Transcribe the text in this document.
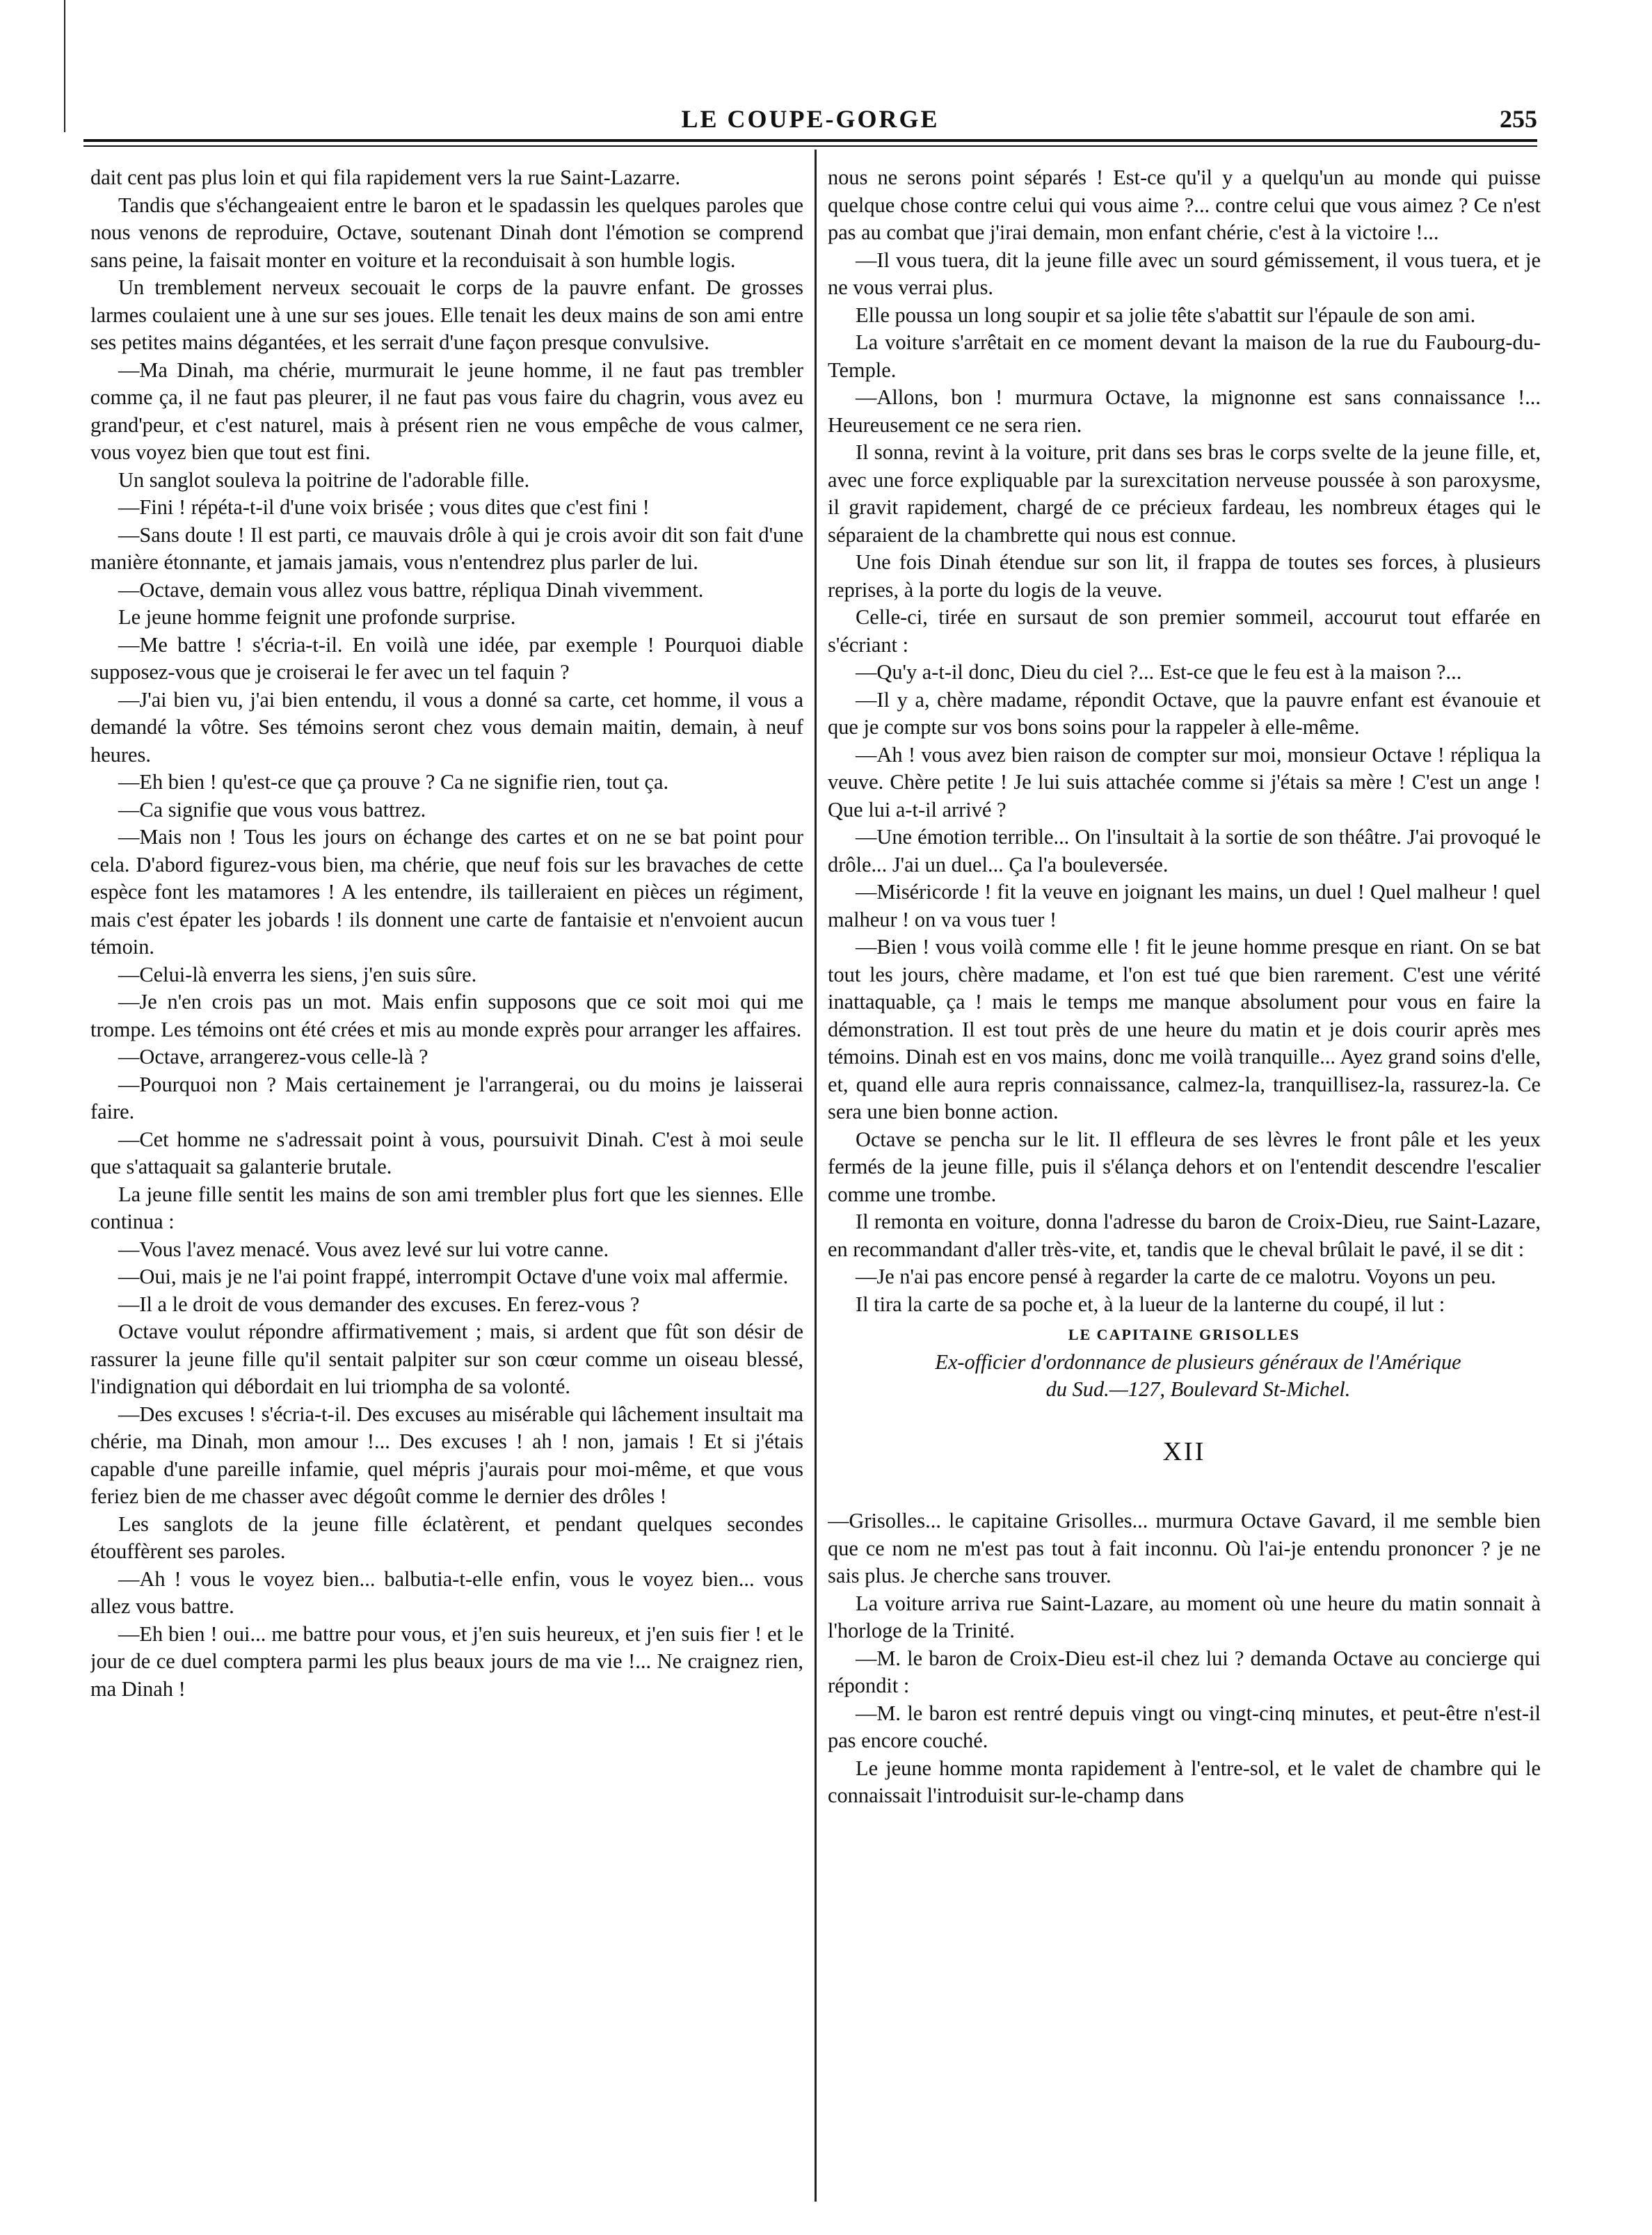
LE COUPE-GORGE	255

dait cent pas plus loin et qui fila rapidement vers la rue Saint-Lazarre.

Tandis que s'échangeaient entre le baron et le spadassin les quelques paroles que nous venons de reproduire, Octave, soutenant Dinah dont l'émotion se comprend sans peine, la faisait monter en voiture et la reconduisait à son humble logis.

Un tremblement nerveux secouait le corps de la pauvre enfant. De grosses larmes coulaient une à une sur ses joues. Elle tenait les deux mains de son ami entre ses petites mains dégantées, et les serrait d'une façon presque convulsive.

—Ma Dinah, ma chérie, murmurait le jeune homme, il ne faut pas trembler comme ça, il ne faut pas pleurer, il ne faut pas vous faire du chagrin, vous avez eu grand'peur, et c'est naturel, mais à présent rien ne vous empêche de vous calmer, vous voyez bien que tout est fini.

Un sanglot souleva la poitrine de l'adorable fille.

—Fini ! répéta-t-il d'une voix brisée ; vous dites que c'est fini !

—Sans doute ! Il est parti, ce mauvais drôle à qui je crois avoir dit son fait d'une manière étonnante, et jamais jamais, vous n'entendrez plus parler de lui.

—Octave, demain vous allez vous battre, répliqua Dinah vivemment.

Le jeune homme feignit une profonde surprise.

—Me battre ! s'écria-t-il. En voilà une idée, par exemple ! Pourquoi diable supposez-vous que je croiserai le fer avec un tel faquin ?

—J'ai bien vu, j'ai bien entendu, il vous a donné sa carte, cet homme, il vous a demandé la vôtre. Ses témoins seront chez vous demain maitin, demain, à neuf heures.

—Eh bien ! qu'est-ce que ça prouve ? Ca ne signifie rien, tout ça.

—Ca signifie que vous vous battrez.

—Mais non ! Tous les jours on échange des cartes et on ne se bat point pour cela. D'abord figurez-vous bien, ma chérie, que neuf fois sur les bravaches de cette espèce font les matamores ! A les entendre, ils tailleraient en pièces un régiment, mais c'est épater les jobards ! ils donnent une carte de fantaisie et n'envoient aucun témoin.

—Celui-là enverra les siens, j'en suis sûre.

—Je n'en crois pas un mot. Mais enfin supposons que ce soit moi qui me trompe. Les témoins ont été crées et mis au monde exprès pour arranger les affaires.

—Octave, arrangerez-vous celle-là ?

—Pourquoi non ? Mais certainement je l'arrangerai, ou du moins je laisserai faire.

—Cet homme ne s'adressait point à vous, poursuivit Dinah. C'est à moi seule que s'attaquait sa galanterie brutale.

La jeune fille sentit les mains de son ami trembler plus fort que les siennes. Elle continua :

—Vous l'avez menacé. Vous avez levé sur lui votre canne.

—Oui, mais je ne l'ai point frappé, interrompit Octave d'une voix mal affermie.

—Il a le droit de vous demander des excuses. En ferez-vous ?

Octave voulut répondre affirmativement ; mais, si ardent que fût son désir de rassurer la jeune fille qu'il sentait palpiter sur son cœur comme un oiseau blessé, l'indignation qui débordait en lui triompha de sa volonté.

—Des excuses ! s'écria-t-il. Des excuses au misérable qui lâchement insultait ma chérie, ma Dinah, mon amour !... Des excuses ! ah ! non, jamais ! Et si j'étais capable d'une pareille infamie, quel mépris j'aurais pour moi-même, et que vous feriez bien de me chasser avec dégoût comme le dernier des drôles !

Les sanglots de la jeune fille éclatèrent, et pendant quelques secondes étouffèrent ses paroles.

—Ah ! vous le voyez bien... balbutia-t-elle enfin, vous le voyez bien... vous allez vous battre.

—Eh bien ! oui... me battre pour vous, et j'en suis heureux, et j'en suis fier ! et le jour de ce duel comptera parmi les plus beaux jours de ma vie !... Ne craignez rien, ma Dinah !

nous ne serons point séparés ! Est-ce qu'il y a quelqu'un au monde qui puisse quelque chose contre celui qui vous aime ?... contre celui que vous aimez ? Ce n'est pas au combat que j'irai demain, mon enfant chérie, c'est à la victoire !...

—Il vous tuera, dit la jeune fille avec un sourd gémissement, il vous tuera, et je ne vous verrai plus.

Elle poussa un long soupir et sa jolie tête s'abattit sur l'épaule de son ami.

La voiture s'arrêtait en ce moment devant la maison de la rue du Faubourg-du-Temple.

—Allons, bon ! murmura Octave, la mignonne est sans connaissance !... Heureusement ce ne sera rien.

Il sonna, revint à la voiture, prit dans ses bras le corps svelte de la jeune fille, et, avec une force expliquable par la surexcitation nerveuse poussée à son paroxysme, il gravit rapidement, chargé de ce précieux fardeau, les nombreux étages qui le séparaient de la chambrette qui nous est connue.

Une fois Dinah étendue sur son lit, il frappa de toutes ses forces, à plusieurs reprises, à la porte du logis de la veuve.

Celle-ci, tirée en sursaut de son premier sommeil, accourut tout effarée en s'écriant :

—Qu'y a-t-il donc, Dieu du ciel ?... Est-ce que le feu est à la maison ?...

—Il y a, chère madame, répondit Octave, que la pauvre enfant est évanouie et que je compte sur vos bons soins pour la rappeler à elle-même.

—Ah ! vous avez bien raison de compter sur moi, monsieur Octave ! répliqua la veuve. Chère petite ! Je lui suis attachée comme si j'étais sa mère ! C'est un ange ! Que lui a-t-il arrivé ?

—Une émotion terrible... On l'insultait à la sortie de son théâtre. J'ai provoqué le drôle... J'ai un duel... Ça l'a bouleversée.

—Miséricorde ! fit la veuve en joignant les mains, un duel ! Quel malheur ! quel malheur ! on va vous tuer !

—Bien ! vous voilà comme elle ! fit le jeune homme presque en riant. On se bat tout les jours, chère madame, et l'on est tué que bien rarement. C'est une vérité inattaquable, ça ! mais le temps me manque absolument pour vous en faire la démonstration. Il est tout près de une heure du matin et je dois courir après mes témoins. Dinah est en vos mains, donc me voilà tranquille... Ayez grand soins d'elle, et, quand elle aura repris connaissance, calmez-la, tranquillisez-la, rassurez-la. Ce sera une bien bonne action.

Octave se pencha sur le lit. Il effleura de ses lèvres le front pâle et les yeux fermés de la jeune fille, puis il s'élança dehors et on l'entendit descendre l'escalier comme une trombe.

Il remonta en voiture, donna l'adresse du baron de Croix-Dieu, rue Saint-Lazare, en recommandant d'aller très-vite, et, tandis que le cheval brûlait le pavé, il se dit :

—Je n'ai pas encore pensé à regarder la carte de ce malotru. Voyons un peu.

Il tira la carte de sa poche et, à la lueur de la lanterne du coupé, il lut :

LE CAPITAINE GRISOLLES

Ex-officier d'ordonnance de plusieurs généraux de l'Amérique

du Sud.—127, Boulevard St-Michel.

XII

—Grisolles... le capitaine Grisolles... murmura Octave Gavard, il me semble bien que ce nom ne m'est pas tout à fait inconnu. Où l'ai-je entendu prononcer ? je ne sais plus. Je cherche sans trouver.

La voiture arriva rue Saint-Lazare, au moment où une heure du matin sonnait à l'horloge de la Trinité.

—M. le baron de Croix-Dieu est-il chez lui ? demanda Octave au concierge qui répondit :

—M. le baron est rentré depuis vingt ou vingt-cinq minutes, et peut-être n'est-il pas encore couché.

Le jeune homme monta rapidement à l'entre-sol, et le valet de chambre qui le connaissait l'introduisit sur-le-champ dans
